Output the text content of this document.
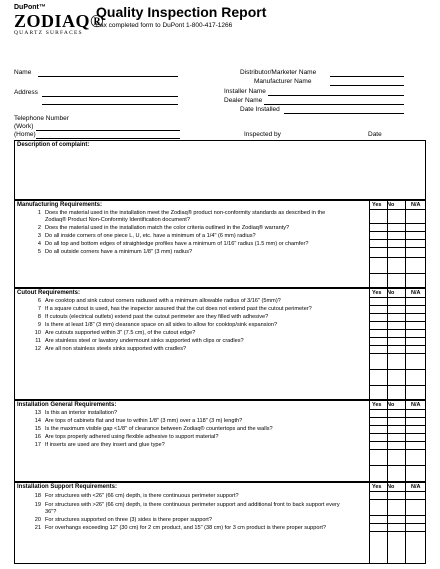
DuPont™
ZODIAQ®
QUARTZ SURFACES
Quality Inspection Report
Fax completed form to DuPont 1-800-417-1266
Name
Address
Telephone Number
(Work)
(Home)
Distributor/Marketer Name
Manufacturer Name
Installer Name
Dealer Name
Date Installed
Inspected by	Date
Description of complaint:
Manufacturing Requirements:	Yes No	N/A
1 Does the material used in the installation meet the Zodiaq® product non-conformity standards as described in the
Zodiaq® Product Non-Conformity Identification document?
2 Does the material used in the installation match the color criteria outlined in the Zodiaq® warranty?
3 Do all inside corners of one piece L, U, etc. have a minimum of a 1/4" (6 mm) radius?
4 Do all top and bottom edges of straightedge profiles have a minimum of 1/16" radius (1.5 mm) or chamfer?
5 Do all outside corners have a minimum 1/8" (3 mm) radius?
Cutout Requirements:	Yes No	N/A
6 Are cooktop and sink cutout corners radiused with a minimum allowable radius of 3/16" (5mm)?
7 If a square cutout is used, has the inspector assured that the cut does not extend past the cutout perimeter?
8 If cutouts (electrical outlets) extend past the cutout perimeter are they filled with adhesive?
9 Is there at least 1/8" (3 mm) clearance space on all sides to allow for cooktop/sink expansion?
10 Are cutouts supported within 3" (7.5 cm), of the cutout edge?
11 Are stainless steel or lavatory undermount sinks supported with clips or cradles?
12 Are all non stainless steels sinks supported with cradles?
Installation General Requirements:	Yes No	N/A
13 Is this an interior installation?
14 Are tops of cabinets flat and true to within 1/8" (3 mm) over a 118" (3 m) length?
15 Is the maximum visible gap <1/8" of clearance between Zodiaq® countertops and the walls?
16 Are tops properly adhered using flexible adhesive to support material?
17 If inserts are used are they insert and glue type?
Installation Support Requirements:	Yes No	N/A
18 For structures with <26" (66 cm) depth, is there continuous perimeter support?
19 For structures with >26" (66 cm) depth, is there continuous perimeter support and additional front to back support every
36"?
20 For structures supported on three (3) sides is there proper support?
21 For overhangs exceeding 12" (30 cm) for 2 cm product, and 15" (38 cm) for 3 cm product is there proper support?
